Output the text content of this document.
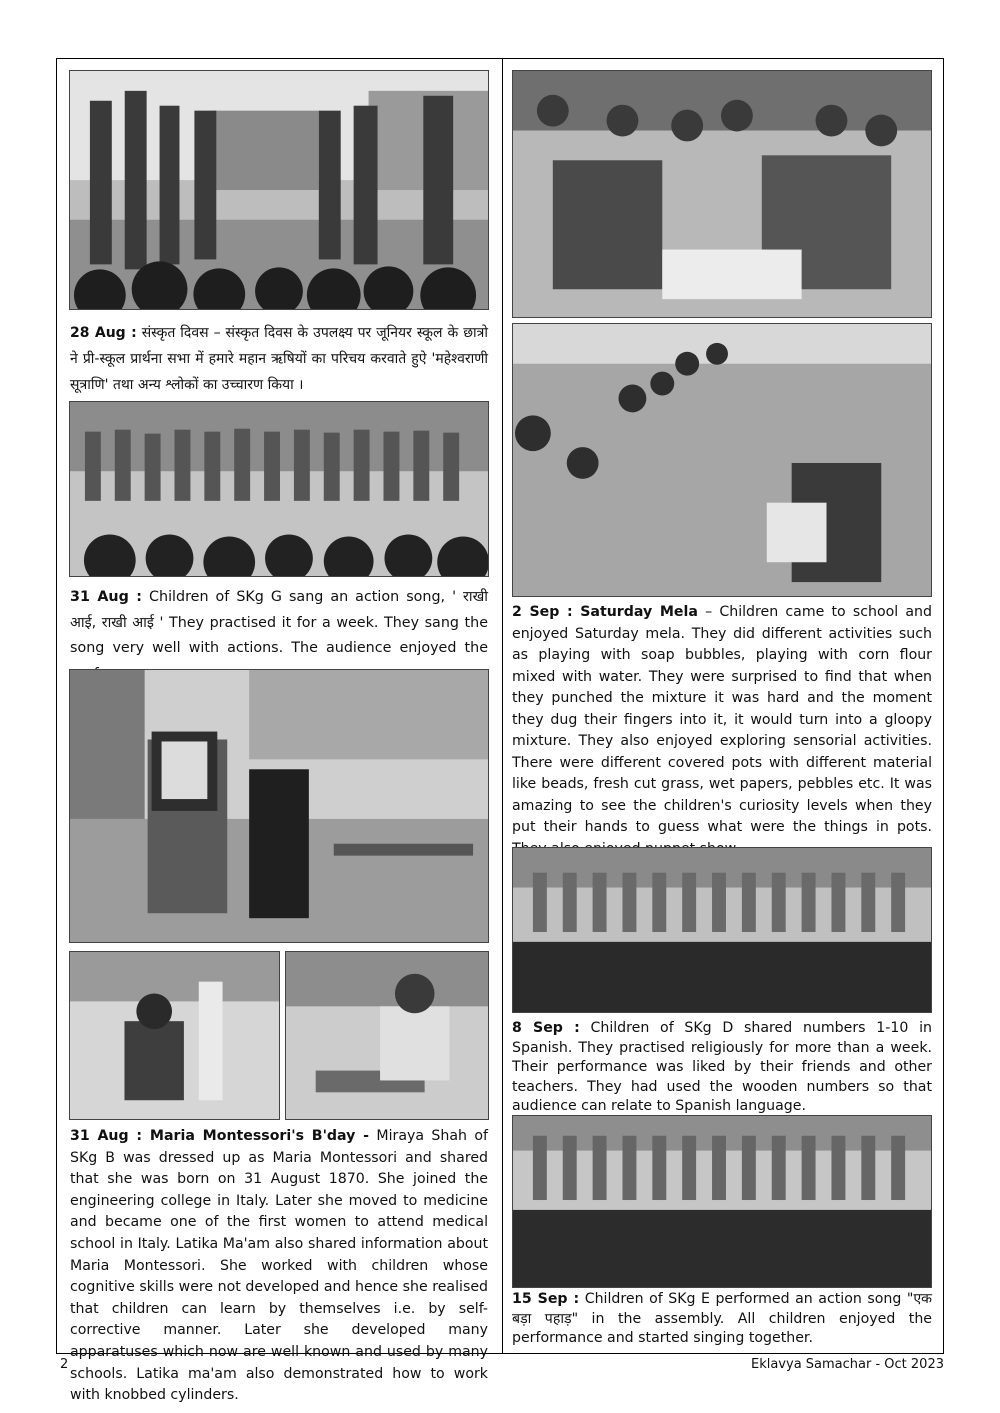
28 Aug : संस्कृत दिवस – संस्कृत दिवस के उपलक्ष्य पर जूनियर स्कूल के छात्रो ने प्री-स्कूल प्रार्थना सभा में हमारे महान ऋषियों का परिचय करवाते हुऐ 'महेश्वराणी सूत्राणि' तथा अन्य श्लोकों का उच्चारण किया ।
31 Aug : Children of SKg G sang an action song, ' राखी आई, राखी आई ' They practised it for a week. They sang the song very well with actions. The audience enjoyed the
31 Aug : Maria Montessori's B'day - Miraya Shah of SKg B was dressed up as Maria Montessori and shared that she was born on 31 August 1870. She joined the engineering college in Italy. Later she moved to medicine and became one of the first women to attend medical school in Italy. Latika Ma'am also shared information about Maria Montessori. She worked with children whose cognitive skills were not developed and hence she realised that children can learn by themselves i.e. by self-corrective manner. Later she developed many apparatuses which now are well known and used by many schools. Latika ma'am also demonstrated how to work with knobbed cylinders.
2 Sep : Saturday Mela – Children came to school and enjoyed Saturday mela. They did different activities such as playing with soap bubbles, playing with corn flour mixed with water. They were surprised to find that when they punched the mixture it was hard and the moment they dug their fingers into it, it would turn into a gloopy mixture. They also enjoyed exploring sensorial activities. There were different covered pots with different material like beads, fresh cut grass, wet papers, pebbles etc. It was amazing to see the children's curiosity levels when they put their hands to guess what were the things in pots.
8 Sep : Children of SKg D shared numbers 1-10 in Spanish. They practised religiously for more than a week. Their performance was liked by their friends and other teachers. They had used the wooden numbers so that audience can relate to Spanish language.
15 Sep : Children of SKg E performed an action song "एक बड़ा पहाड़" in the assembly. All children enjoyed the performance and started singing together.
2	Eklavya Samachar - Oct 2023
